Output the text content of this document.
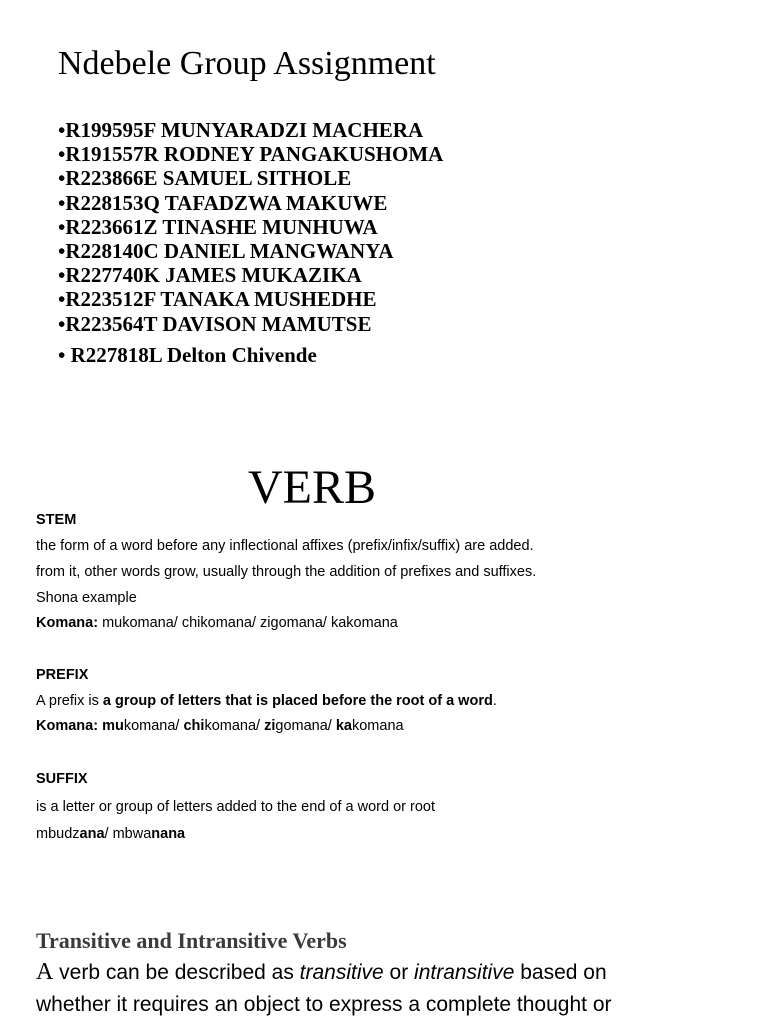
Ndebele Group Assignment
•R199595F MUNYARADZI MACHERA
•R191557R RODNEY PANGAKUSHOMA
•R223866E SAMUEL SITHOLE
•R228153Q TAFADZWA MAKUWE
•R223661Z TINASHE MUNHUWA
•R228140C DANIEL MANGWANYA
•R227740K JAMES MUKAZIKA
•R223512F TANAKA MUSHEDHE
•R223564T DAVISON MAMUTSE
• R227818L Delton Chivende
VERB
STEM
the form of a word before any inflectional affixes (prefix/infix/suffix) are added.
from it, other words grow, usually through the addition of prefixes and suffixes.
Shona example
Komana: mukomana/ chikomana/ zigomana/ kakomana
PREFIX
A prefix is a group of letters that is placed before the root of a word.
Komana: mukomana/ chikomana/ zigomana/ kakomana
SUFFIX
is a letter or group of letters added to the end of a word or root
mbudzana/ mbwanana
Transitive and Intransitive Verbs
A verb can be described as transitive or intransitive based on
whether it requires an object to express a complete thought or
